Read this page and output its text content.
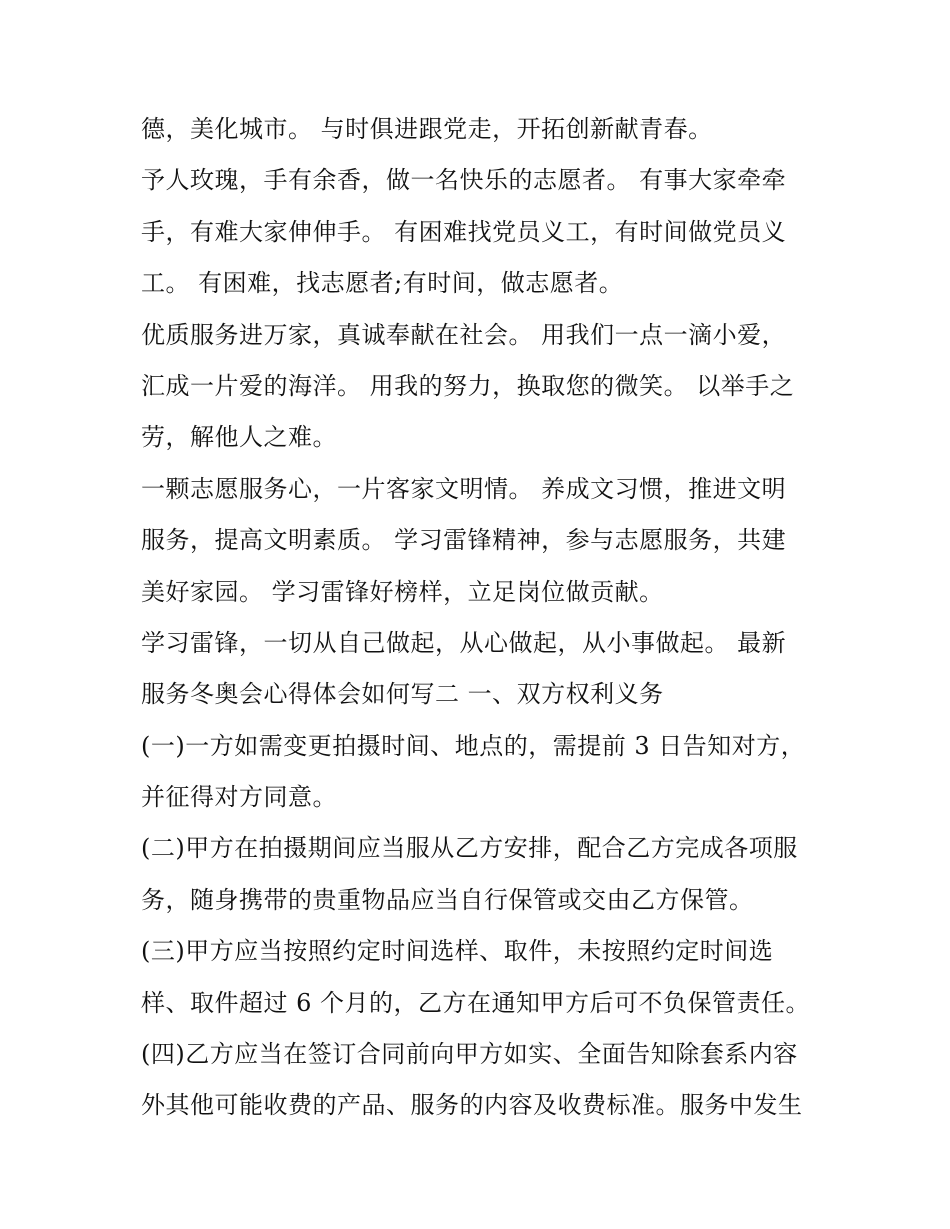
德，美化城市。 与时俱进跟党走，开拓创新献青春。
予人玫瑰，手有余香，做一名快乐的志愿者。 有事大家牵牵
手，有难大家伸伸手。 有困难找党员义工，有时间做党员义
工。 有困难，找志愿者;有时间，做志愿者。
优质服务进万家，真诚奉献在社会。 用我们一点一滴小爱，
汇成一片爱的海洋。 用我的努力，换取您的微笑。 以举手之
劳，解他人之难。
一颗志愿服务心，一片客家文明情。 养成文习惯，推进文明
服务，提高文明素质。 学习雷锋精神，参与志愿服务，共建
美好家园。 学习雷锋好榜样，立足岗位做贡献。
学习雷锋，一切从自己做起，从心做起，从小事做起。 最新
服务冬奥会心得体会如何写二 一、双方权利义务
(一)一方如需变更拍摄时间、地点的，需提前 3 日告知对方，
并征得对方同意。
(二)甲方在拍摄期间应当服从乙方安排，配合乙方完成各项服
务，随身携带的贵重物品应当自行保管或交由乙方保管。
(三)甲方应当按照约定时间选样、取件，未按照约定时间选
样、取件超过 6 个月的，乙方在通知甲方后可不负保管责任。
(四)乙方应当在签订合同前向甲方如实、全面告知除套系内容
外其他可能收费的产品、服务的内容及收费标准。服务中发生
